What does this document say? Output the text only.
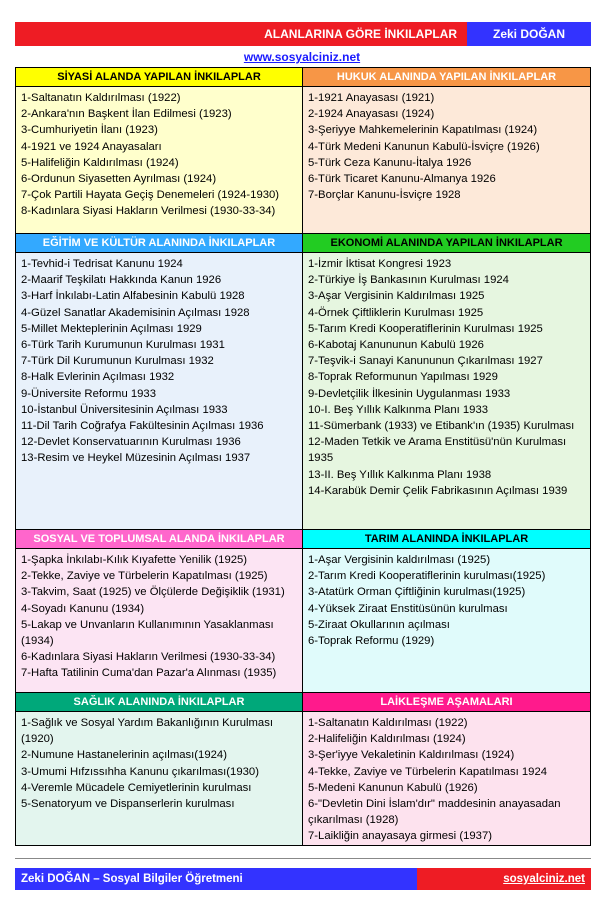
ALANLARINA GÖRE İNKILAPLAR	Zeki DOĞAN
www.sosyalciniz.net
SİYASİ ALANDA YAPILAN İNKILAPLAR
1-Saltanatın Kaldırılması (1922)
2-Ankara'nın Başkent İlan Edilmesi (1923)
3-Cumhuriyetin İlanı (1923)
4-1921 ve 1924 Anayasaları
5-Halifeliğin Kaldırılması (1924)
6-Ordunun Siyasetten Ayrılması (1924)
7-Çok Partili Hayata Geçiş Denemeleri (1924-1930)
8-Kadınlara Siyasi Hakların Verilmesi (1930-33-34)
HUKUK ALANINDA YAPILAN İNKILAPLAR
1-1921 Anayasası (1921)
2-1924 Anayasası (1924)
3-Şeriyye Mahkemelerinin Kapatılması (1924)
4-Türk Medeni Kanunun Kabulü-İsviçre (1926)
5-Türk Ceza Kanunu-İtalya 1926
6-Türk Ticaret Kanunu-Almanya 1926
7-Borçlar Kanunu-İsviçre 1928
EĞİTİM VE KÜLTÜR ALANINDA İNKILAPLAR
1-Tevhid-i Tedrisat Kanunu 1924
2-Maarif Teşkilatı Hakkında Kanun 1926
3-Harf İnkılabı-Latin Alfabesinin Kabulü 1928
4-Güzel Sanatlar Akademisinin Açılması 1928
5-Millet Mekteplerinin Açılması 1929
6-Türk Tarih Kurumunun Kurulması 1931
7-Türk Dil Kurumunun Kurulması 1932
8-Halk Evlerinin Açılması 1932
9-Üniversite Reformu 1933
10-İstanbul Üniversitesinin Açılması 1933
11-Dil Tarih Coğrafya Fakültesinin Açılması 1936
12-Devlet Konservatuarının Kurulması 1936
13-Resim ve Heykel Müzesinin Açılması 1937
EKONOMİ ALANINDA YAPILAN İNKILAPLAR
1-İzmir İktisat Kongresi 1923
2-Türkiye İş Bankasının Kurulması 1924
3-Aşar Vergisinin Kaldırılması 1925
4-Örnek Çiftliklerin Kurulması 1925
5-Tarım Kredi Kooperatiflerinin Kurulması 1925
6-Kabotaj Kanununun Kabulü 1926
7-Teşvik-i Sanayi Kanununun Çıkarılması 1927
8-Toprak Reformunun Yapılması 1929
9-Devletçilik İlkesinin Uygulanması 1933
10-I. Beş Yıllık Kalkınma Planı 1933
11-Sümerbank (1933) ve Etibank'ın (1935) Kurulması
12-Maden Tetkik ve Arama Enstitüsü'nün Kurulması 1935
13-II. Beş Yıllık Kalkınma Planı 1938
14-Karabük Demir Çelik Fabrikasının Açılması 1939
SOSYAL VE TOPLUMSAL ALANDA İNKILAPLAR
1-Şapka İnkılabı-Kılık Kıyafette Yenilik (1925)
2-Tekke, Zaviye ve Türbelerin Kapatılması (1925)
3-Takvim, Saat (1925) ve Ölçülerde Değişiklik (1931)
4-Soyadı Kanunu (1934)
5-Lakap ve Unvanların Kullanımının Yasaklanması (1934)
6-Kadınlara Siyasi Hakların Verilmesi (1930-33-34)
7-Hafta Tatilinin Cuma'dan Pazar'a Alınması (1935)
TARIM ALANINDA İNKILAPLAR
1-Aşar Vergisinin kaldırılması (1925)
2-Tarım Kredi Kooperatiflerinin kurulması(1925)
3-Atatürk Orman Çiftliğinin kurulması(1925)
4-Yüksek Ziraat Enstitüsünün kurulması
5-Ziraat Okullarının açılması
6-Toprak Reformu (1929)
SAĞLIK ALANINDA İNKILAPLAR
1-Sağlık ve Sosyal Yardım Bakanlığının Kurulması (1920)
2-Numune Hastanelerinin açılması(1924)
3-Umumi Hıfzıssıhha Kanunu çıkarılması(1930)
4-Veremle Mücadele Cemiyetlerinin kurulması
5-Senatoryum ve Dispanserlerin kurulması
LAİKLEŞME AŞAMALARI
1-Saltanatın Kaldırılması (1922)
2-Halifeliğin Kaldırılması (1924)
3-Şer'iyye Vekaletinin Kaldırılması (1924)
4-Tekke, Zaviye ve Türbelerin Kapatılması 1924
5-Medeni Kanunun Kabulü (1926)
6-"Devletin Dini İslam'dır" maddesinin anayasadan çıkarılması (1928)
7-Laikliğin anayasaya girmesi (1937)
Zeki DOĞAN – Sosyal Bilgiler Öğretmeni	sosyalciniz.net
